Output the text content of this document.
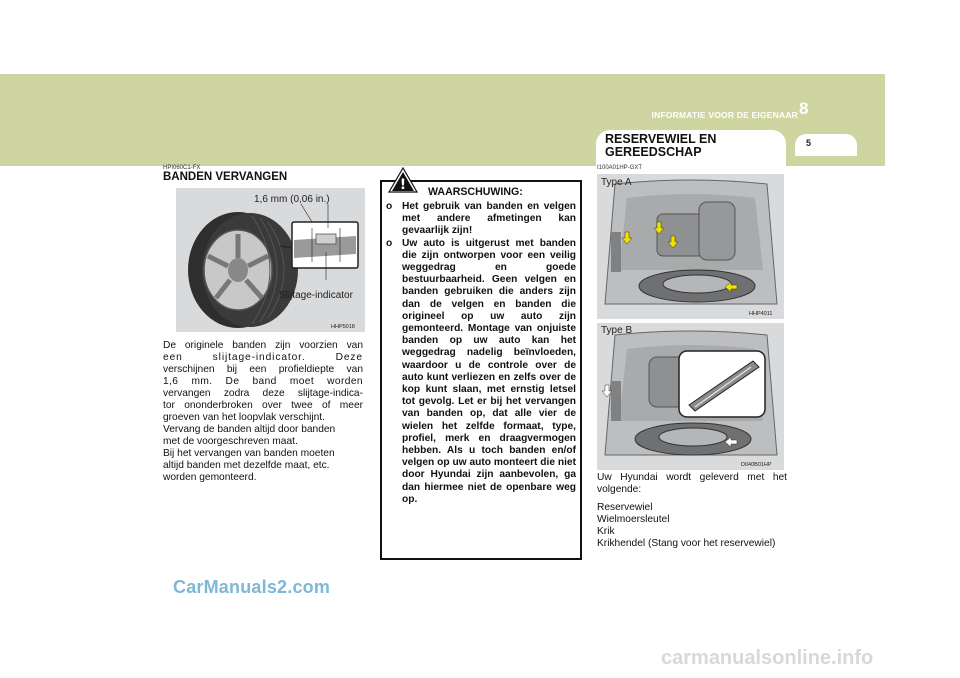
INFORMATIE VOOR DE EIGENAAR 8
5
RESERVEWIEL EN
GEREEDSCHAP
HPI060C1-FX
BANDEN VERVANGEN
1,6 mm (0,06 in.)
Slijtage-indicator
HHP5018
De originele banden zijn voorzien van
een slijtage-indicator. Deze
verschijnen bij een profieldiepte van
1,6 mm. De band moet worden
vervangen zodra deze slijtage-indica-
tor ononderbroken over twee of meer
groeven van het loopvlak verschijnt.
Vervang de banden altijd door banden
met de voorgeschreven maat.
Bij het vervangen van banden moeten
altijd banden met dezelfde maat, etc.
worden gemonteerd.
! WAARSCHUWING:
o Het gebruik van banden en velgen met andere afmetingen kan gevaarlijk zijn!
o Uw auto is uitgerust met banden die zijn ontworpen voor een veilig weggedrag en goede bestuurbaarheid. Geen velgen en banden gebruiken die anders zijn dan de velgen en banden die origineel op uw auto zijn gemonteerd. Montage van onjuiste banden op uw auto kan het weggedrag nadelig beïnvloeden, waardoor u de controle over de auto kunt verliezen en zelfs over de kop kunt slaan, met ernstig letsel tot gevolg. Let er bij het vervangen van banden op, dat alle vier de wielen het zelfde formaat, type, profiel, merk en draagvermogen hebben. Als u toch banden en/of velgen op uw auto monteert die niet door Hyundai zijn aanbevolen, ga dan hiermee niet de openbare weg op.
I100A01HP-GXT
Type A
HHP4011
Type B
D040B01HP
Uw Hyundai wordt geleverd met het
volgende:
Reservewiel
Wielmoersleutel
Krik
Krikhendel (Stang voor het reservewiel)
CarManuals2.com
carmanualsonline.info
